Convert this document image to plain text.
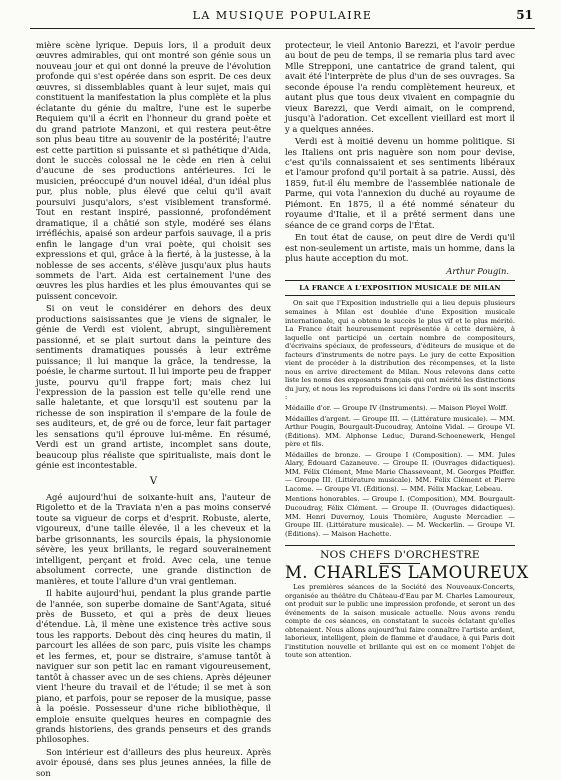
LA MUSIQUE POPULAIRE	51

mière scène lyrique. Depuis lors, il a produit deux œuvres admirables, qui ont montré son génie sous un nouveau jour et qui ont donné la preuve de l'évolution profonde qui s'est opérée dans son esprit. De ces deux œuvres, si dissemblables quant à leur sujet, mais qui constituent la manifestation la plus complète et la plus éclatante du génie du maître, l'une est le superbe Requiem qu'il a écrit en l'honneur du grand poète et du grand patriote Manzoni, et qui restera peut-être son plus beau titre au souvenir de la postérité; l'autre est cette partition si puissante et si pathétique d'Aida, dont le succès colossal ne le cède en rien à celui d'aucune de ses productions antérieures. Ici le musicien, préoccupé d'un nouvel idéal, d'un idéal plus pur, plus noble, plus élevé que celui qu'il avait poursuivi jusqu'alors, s'est visiblement transformé. Tout en restant inspiré, passionné, profondément dramatique, il a châtié son style, modéré ses élans irréfléchis, apaisé son ardeur parfois sauvage, il a pris enfin le langage d'un vrai poète, qui choisit ses expressions et qui, grâce à la fierté, à la justesse, à la noblesse de ses accents, s'élève jusqu'aux plus hauts sommets de l'art. Aida est certainement l'une des œuvres les plus hardies et les plus émouvantes qui se puissent concevoir.

Si on veut le considérer en dehors des deux productions saisissantes que je viens de signaler, le génie de Verdi est violent, abrupt, singulièrement passionné, et se plait surtout dans la peinture des sentiments dramatiques poussés à leur extrême puissance; il lui manque la grâce, la tendresse, la poésie, le charme surtout. Il lui importe peu de frapper juste, pourvu qu'il frappe fort; mais chez lui l'expression de la passion est telle qu'elle rend une salle haletante, et que lorsqu'il est soutenu par la richesse de son inspiration il s'empare de la foule de ses auditeurs, et, de gré ou de force, leur fait partager les sensations qu'il éprouve lui-même. En résumé, Verdi est un grand artiste, incomplet sans doute, beaucoup plus réaliste que spiritualiste, mais dont le génie est incontestable.

V

Agé aujourd'hui de soixante-huit ans, l'auteur de Rigoletto et de la Traviata n'en a pas moins conservé toute sa vigueur de corps et d'esprit. Robuste, alerte, vigoureux, d'une taille élevée, il a les cheveux et la barbe grisonnants, les sourcils épais, la physionomie sévère, les yeux brillants, le regard souverainement intelligent, perçant et froid. Avec cela, une tenue absolument correcte, une grande distinction de manières, et toute l'allure d'un vrai gentleman.

Il habite aujourd'hui, pendant la plus grande partie de l'année, son superbe domaine de Sant'Agata, situé près de Busseto, et qui a près de deux lieues d'étendue. Là, il mène une existence très active sous tous les rapports. Debout dès cinq heures du matin, il parcourt les allées de son parc, puis visite les champs et les fermes, et, pour se distraire, s'amuse tantôt à naviguer sur son petit lac en ramant vigoureusement, tantôt à chasser avec un de ses chiens. Après déjeuner vient l'heure du travail et de l'étude; il se met à son piano, et parfois, pour se reposer de la musique, passe à la poésie. Possesseur d'une riche bibliothèque, il emploie ensuite quelques heures en compagnie des grands historiens, des grands penseurs et des grands philosophes.

Son intérieur est d'ailleurs des plus heureux. Après avoir épousé, dans ses plus jeunes années, la fille de son

protecteur, le vieil Antonio Barezzi, et l'avoir perdue au bout de peu de temps, il se remaria plus tard avec Mlle Strepponi, une cantatrice de grand talent, qui avait été l'interprète de plus d'un de ses ouvrages. Sa seconde épouse l'a rendu complètement heureux, et autant plus que tous deux vivaient en compagnie du vieux Barezzi, que Verdi aimait, on le comprend, jusqu'à l'adoration. Cet excellent vieillard est mort il y a quelques années.

Verdi est à moitié devenu un homme politique. Si les Italiens ont pris naguère son nom pour devise, c'est qu'ils connaissaient et ses sentiments libéraux et l'amour profond qu'il portait à sa patrie. Aussi, dès 1859, fut-il élu membre de l'assemblée nationale de Parme, qui vota l'annexion du duché au royaume de Piémont. En 1875, il a été nommé sénateur du royaume d'Italie, et il a prêté serment dans une séance de ce grand corps de l'État.

En tout état de cause, on peut dire de Verdi qu'il est non-seulement un artiste, mais un homme, dans la plus haute acception du mot.

Arthur Pougin.
LA FRANCE A L'EXPOSITION MUSICALE DE MILAN

On sait que l'Exposition industrielle qui a lieu depuis plusieurs semaines à Milan est doublée d'une Exposition musicale internationale, qui a obtenu le succès le plus vif et le plus mérité. La France était heureusement représentée à cette dernière, à laquelle ont participé un certain nombre de compositeurs, d'écrivains spéciaux, de professeurs, d'éditeurs de musique et de facteurs d'instruments de notre pays. Le jury de cette Exposition vient de procéder à la distribution des récompenses, et la liste nous en arrive directement de Milan. Nous relevons dans cette liste les noms des exposants français qui ont mérité les distinctions du jury, et nous les reproduisons ici dans l'ordre où ils sont inscrits :

Médaille d'or. — Groupe IV (Instruments). — Maison Pleyel Wolff.

Médailles d'argent. — Groupe III. — (Littérature musicale). — MM. Arthur Pougin, Bourgault-Ducoudray, Antoine Vidal. — Groupe VI. (Éditions). MM. Alphonse Leduc, Durand-Schoenewerk, Hengel père et fils.

Médailles de bronze. — Groupe I (Composition). — MM. Jules Alary, Édouard Cazaneuve. — Groupe II. (Ouvrages didactiques). MM. Félix Clément, Mme Marie Chasseveant, M. Georges Pfeiffer. — Groupe III. (Littérature musicale). MM. Félix Clément et Pierre Lacome. — Groupe VI. (Éditions). — MM. Félix Mackar, Lebeau.

Mentions honorables. — Groupe I. (Composition), MM. Bourgault-Ducoudray, Félix Clément. — Groupe II. (Ouvrages didactiques). MM. Henri Duvernoy, Louis Thomière, Auguste Mercadier. — Groupe III. (Littérature musicale). — M. Weckerlin. — Groupe VI. (Éditions). — Maison Hachette.

NOS CHEFS D'ORCHESTRE
M. CHARLES LAMOUREUX

Les premières séances de la Société des Nouveaux-Concerts, organisée au théâtre du Château-d'Eau par M. Charles Lamoureux, ont produit sur le public une impression profonde, et seront un des événements de la saison musicale actuelle. Nous avons rendu compte de ces séances, en constatant le succès éclatant qu'elles obtenaient. Nous allons aujourd'hui faire connaître l'artiste ardent, laborieux, intelligent, plein de flamme et d'audace, à qui Paris doit l'institution nouvelle et brillante qui est en ce moment l'objet de toute son attention.
